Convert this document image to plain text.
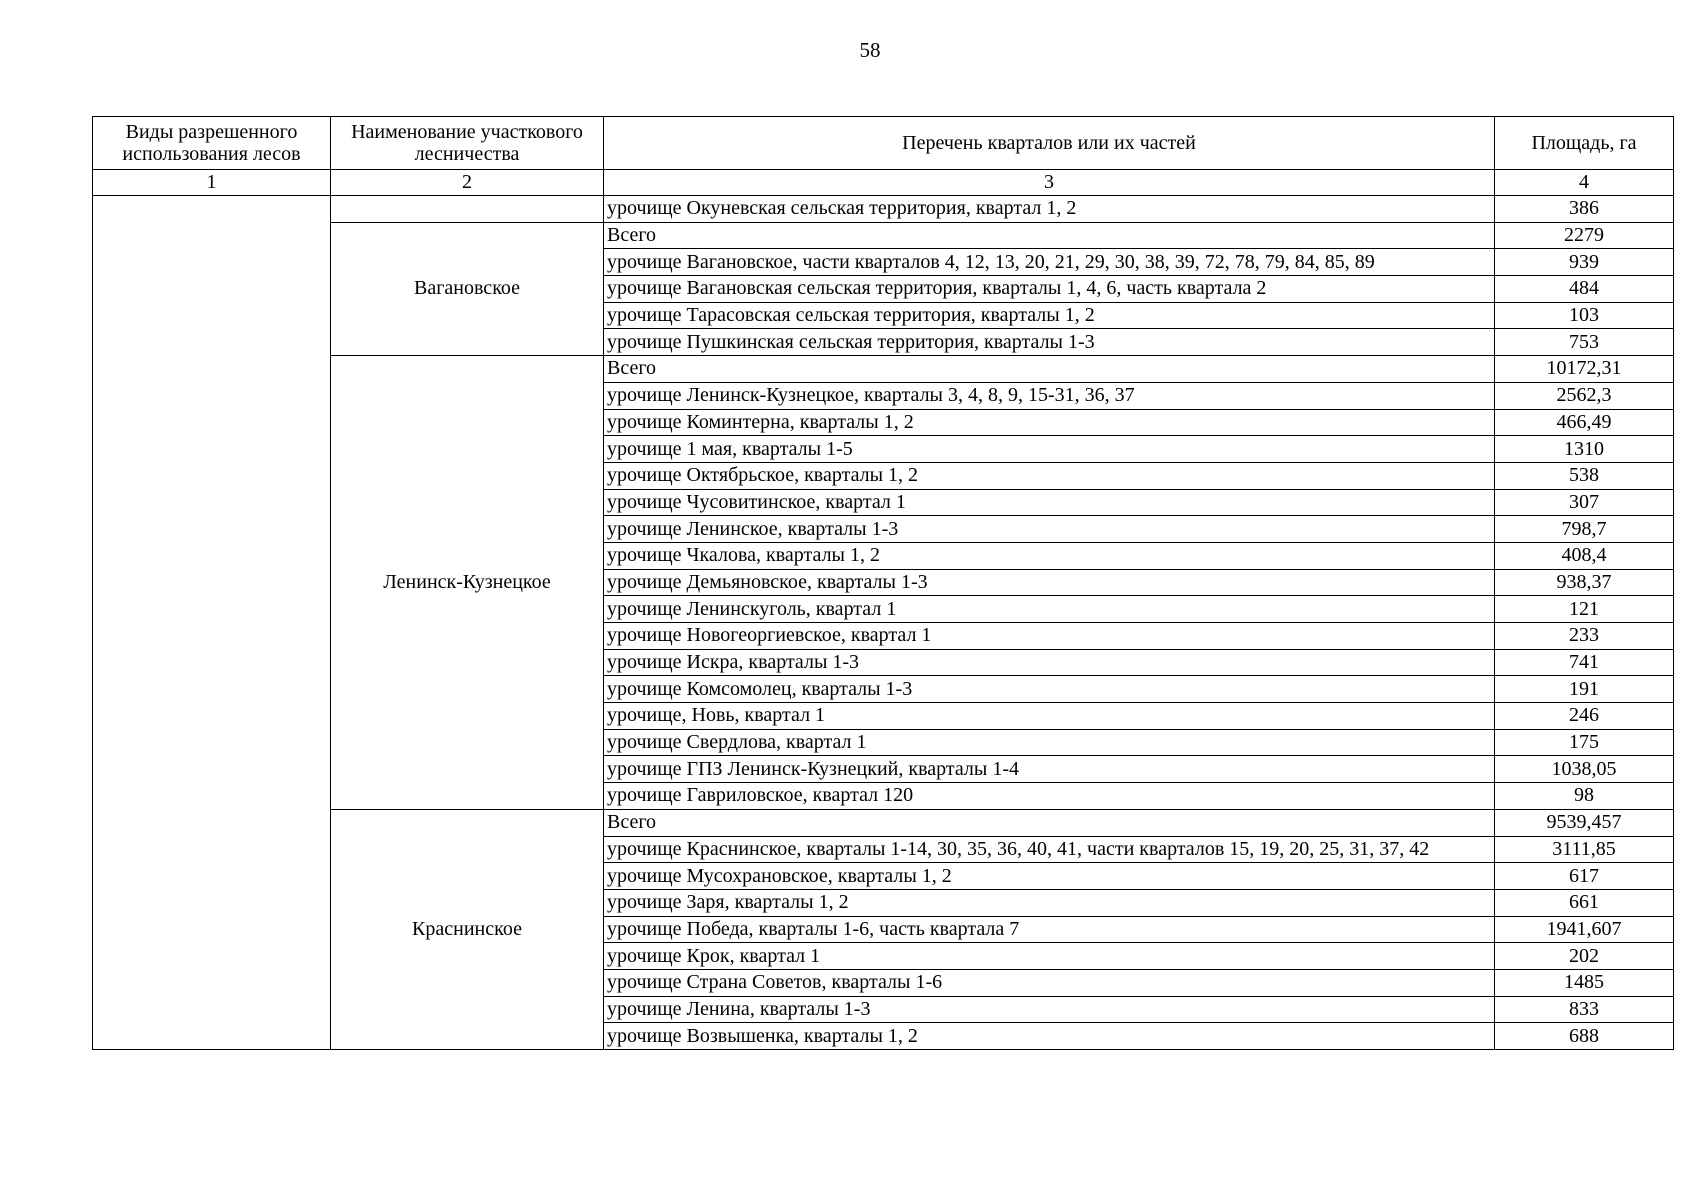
58
Виды разрешенного использования лесов	Наименование участкового лесничества	Перечень кварталов или их частей	Площадь, га
1	2	3	4
		урочище Окуневская сельская территория, квартал 1, 2	386
	Вагановское	Всего	2279
		урочище Вагановское, части кварталов 4, 12, 13, 20, 21, 29, 30, 38, 39, 72, 78, 79, 84, 85, 89	939
		урочище Вагановская сельская территория, кварталы 1, 4, 6, часть квартала 2	484
		урочище Тарасовская сельская территория, кварталы 1, 2	103
		урочище Пушкинская сельская территория, кварталы 1-3	753
	Ленинск-Кузнецкое	Всего	10172,31
		урочище Ленинск-Кузнецкое, кварталы 3, 4, 8, 9, 15-31, 36, 37	2562,3
		урочище Коминтерна, кварталы 1, 2	466,49
		урочище 1 мая, кварталы 1-5	1310
		урочище Октябрьское, кварталы 1, 2	538
		урочище Чусовитинское, квартал 1	307
		урочище Ленинское, кварталы 1-3	798,7
		урочище Чкалова, кварталы 1, 2	408,4
		урочище Демьяновское, кварталы 1-3	938,37
		урочище Ленинскуголь, квартал 1	121
		урочище Новогеоргиевское, квартал 1	233
		урочище Искра, кварталы 1-3	741
		урочище Комсомолец, кварталы 1-3	191
		урочище, Новь, квартал 1	246
		урочище Свердлова, квартал 1	175
		урочище ГПЗ Ленинск-Кузнецкий, кварталы 1-4	1038,05
		урочище Гавриловское, квартал 120	98
	Краснинское	Всего	9539,457
		урочище Краснинское, кварталы 1-14, 30, 35, 36, 40, 41, части кварталов 15, 19, 20, 25, 31, 37, 42	3111,85
		урочище Мусохрановское, кварталы 1, 2	617
		урочище Заря, кварталы 1, 2	661
		урочище Победа, кварталы 1-6, часть квартала 7	1941,607
		урочище Крок, квартал 1	202
		урочище Страна Советов, кварталы 1-6	1485
		урочище Ленина, кварталы 1-3	833
		урочище Возвышенка, кварталы 1, 2	688
